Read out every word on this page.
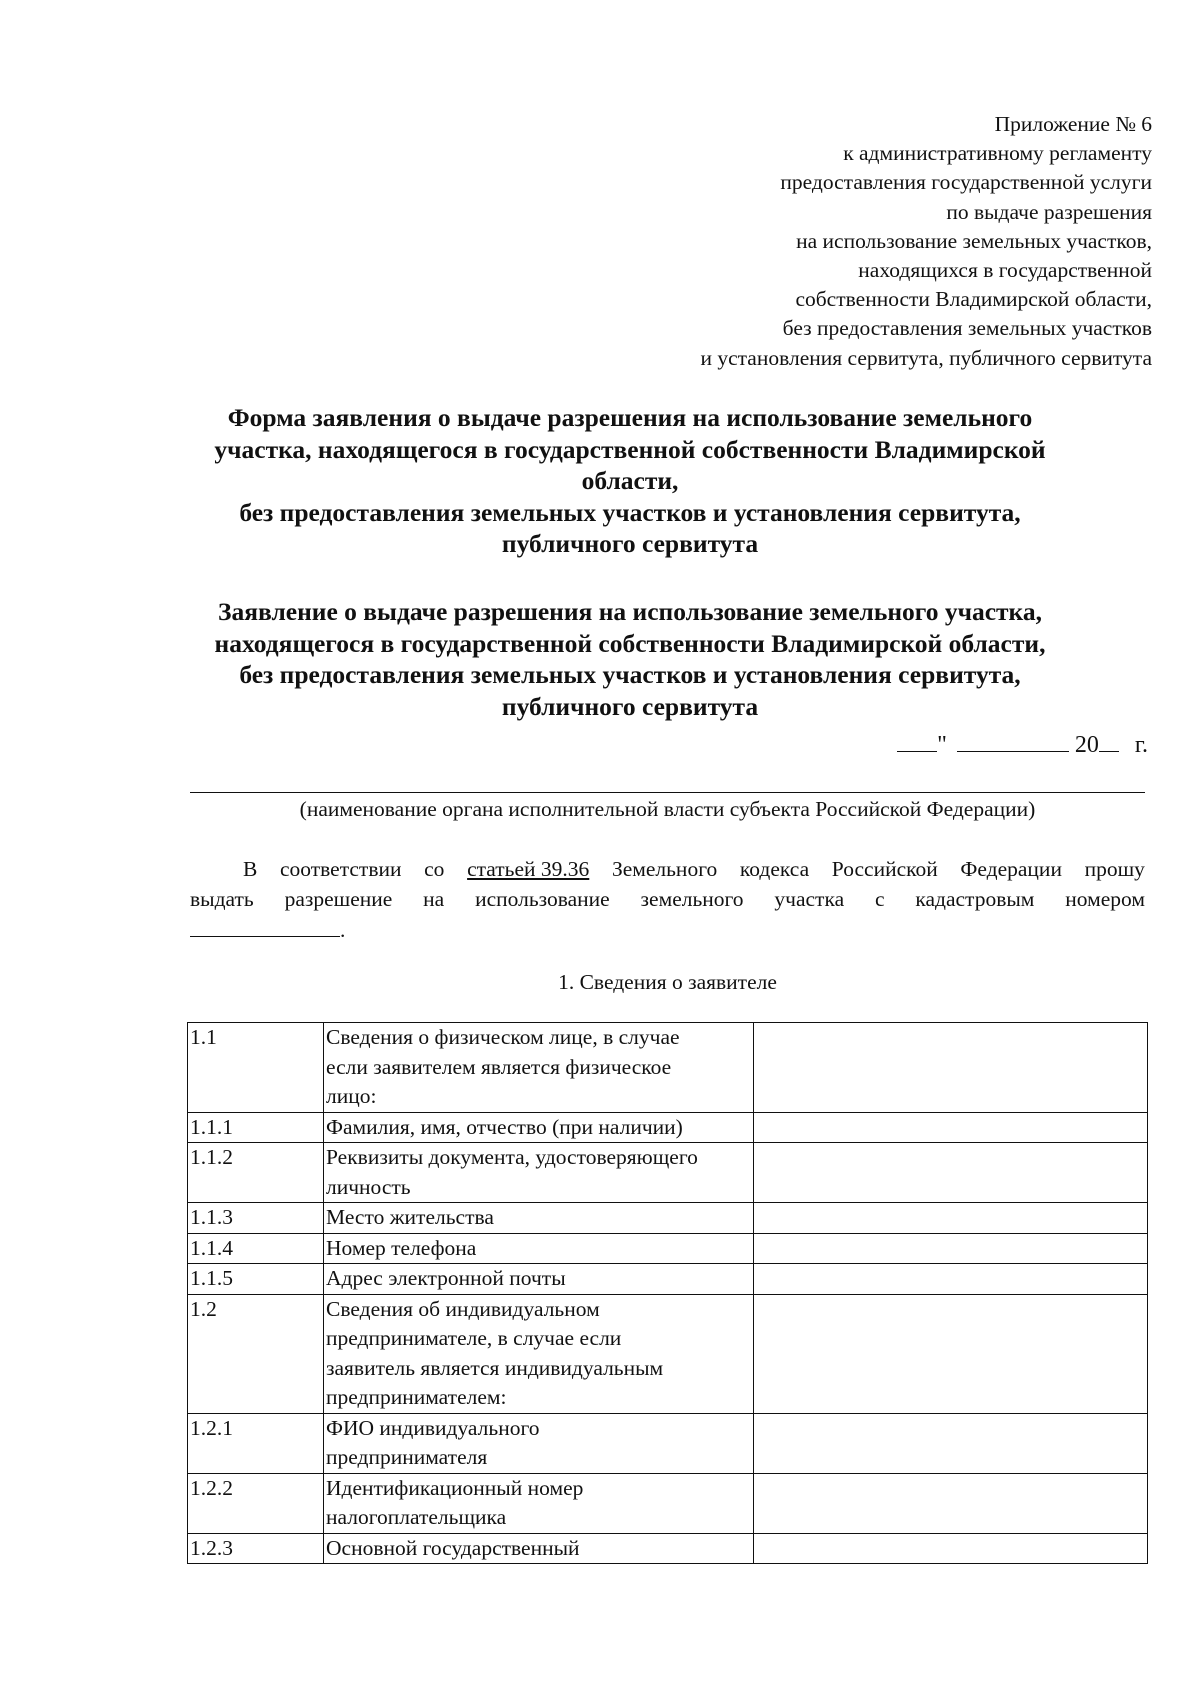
Приложение № 6
к административному регламенту
предоставления государственной услуги
по выдаче разрешения
на использование земельных участков,
находящихся в государственной
собственности Владимирской области,
без предоставления земельных участков
и установления сервитута, публичного сервитута
Форма заявления о выдаче разрешения на использование земельного
участка, находящегося в государственной собственности Владимирской
области,
без предоставления земельных участков и установления сервитута,
публичного сервитута
Заявление о выдаче разрешения на использование земельного участка,
находящегося в государственной собственности Владимирской области,
без предоставления земельных участков и установления сервитута,
публичного сервитута
"	20 г.
(наименование органа исполнительной власти субъекта Российской Федерации)
В соответствии со статьей 39.36 Земельного кодекса Российской Федерации прошу
выдать разрешение на использование земельного участка с кадастровым номером
.
1. Сведения о заявителе
1.1	Сведения о физическом лице, в случае
если заявителем является физическое
лицо:	

1.1.1	Фамилия, имя, отчество (при наличии)	

1.1.2	Реквизиты документа, удостоверяющего
личность	

1.1.3	Место жительства	

1.1.4	Номер телефона	

1.1.5	Адрес электронной почты	

1.2	Сведения об индивидуальном
предпринимателе, в случае если
заявитель является индивидуальным
предпринимателем:	

1.2.1	ФИО индивидуального
предпринимателя	

1.2.2	Идентификационный номер
налогоплательщика	

1.2.3	Основной государственный	
